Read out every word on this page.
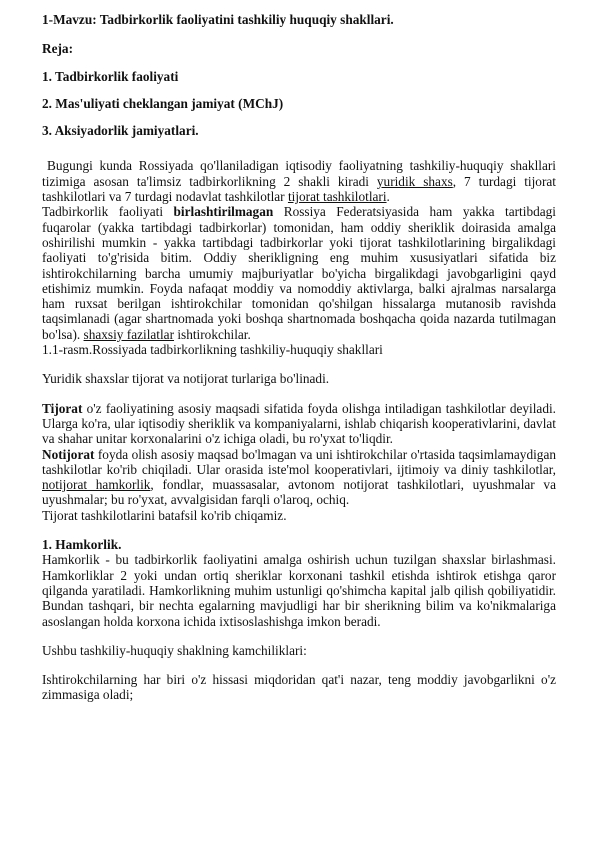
1-Mavzu: Tadbirkorlik faoliyatini tashkiliy huquqiy shakllari.

Reja:

1. Tadbirkorlik faoliyati

2. Mas'uliyati cheklangan jamiyat (MChJ)

3. Aksiyadorlik jamiyatlari.

Bugungi kunda Rossiyada qo'llaniladigan iqtisodiy faoliyatning tashkiliy-huquqiy shakllari tizimiga asosan ta'limsiz tadbirkorlikning 2 shakli kiradi yuridik shaxs, 7 turdagi tijorat tashkilotlari va 7 turdagi nodavlat tashkilotlar tijorat tashkilotlari.

Tadbirkorlik faoliyati birlashtirilmagan Rossiya Federatsiyasida ham yakka tartibdagi fuqarolar (yakka tartibdagi tadbirkorlar) tomonidan, ham oddiy sheriklik doirasida amalga oshirilishi mumkin - yakka tartibdagi tadbirkorlar yoki tijorat tashkilotlarining birgalikdagi faoliyati to'g'risida bitim. Oddiy sherikligning eng muhim xususiyatlari sifatida biz ishtirokchilarning barcha umumiy majburiyatlar bo'yicha birgalikdagi javobgarligini qayd etishimiz mumkin. Foyda nafaqat moddiy va nomoddiy aktivlarga, balki ajralmas narsalarga ham ruxsat berilgan ishtirokchilar tomonidan qo'shilgan hissalarga mutanosib ravishda taqsimlanadi (agar shartnomada yoki boshqa shartnomada boshqacha qoida nazarda tutilmagan bo'lsa). shaxsiy fazilatlar ishtirokchilar.

1.1-rasm.Rossiyada tadbirkorlikning tashkiliy-huquqiy shakllari

Yuridik shaxslar tijorat va notijorat turlariga bo'linadi.

Tijorat o'z faoliyatining asosiy maqsadi sifatida foyda olishga intiladigan tashkilotlar deyiladi. Ularga ko'ra, ular iqtisodiy sheriklik va kompaniyalarni, ishlab chiqarish kooperativlarini, davlat va shahar unitar korxonalarini o'z ichiga oladi, bu ro'yxat to'liqdir.

Notijorat foyda olish asosiy maqsad bo'lmagan va uni ishtirokchilar o'rtasida taqsimlamaydigan tashkilotlar ko'rib chiqiladi. Ular orasida iste'mol kooperativlari, ijtimoiy va diniy tashkilotlar, notijorat hamkorlik, fondlar, muassasalar, avtonom notijorat tashkilotlari, uyushmalar va uyushmalar; bu ro'yxat, avvalgisidan farqli o'laroq, ochiq.

Tijorat tashkilotlarini batafsil ko'rib chiqamiz.

1. Hamkorlik.

Hamkorlik - bu tadbirkorlik faoliyatini amalga oshirish uchun tuzilgan shaxslar birlashmasi. Hamkorliklar 2 yoki undan ortiq sheriklar korxonani tashkil etishda ishtirok etishga qaror qilganda yaratiladi. Hamkorlikning muhim ustunligi qo'shimcha kapital jalb qilish qobiliyatidir. Bundan tashqari, bir nechta egalarning mavjudligi har bir sherikning bilim va ko'nikmalariga asoslangan holda korxona ichida ixtisoslashishga imkon beradi.

Ushbu tashkiliy-huquqiy shaklning kamchiliklari:

Ishtirokchilarning har biri o'z hissasi miqdoridan qat'i nazar, teng moddiy javobgarlikni o'z zimmasiga oladi;
